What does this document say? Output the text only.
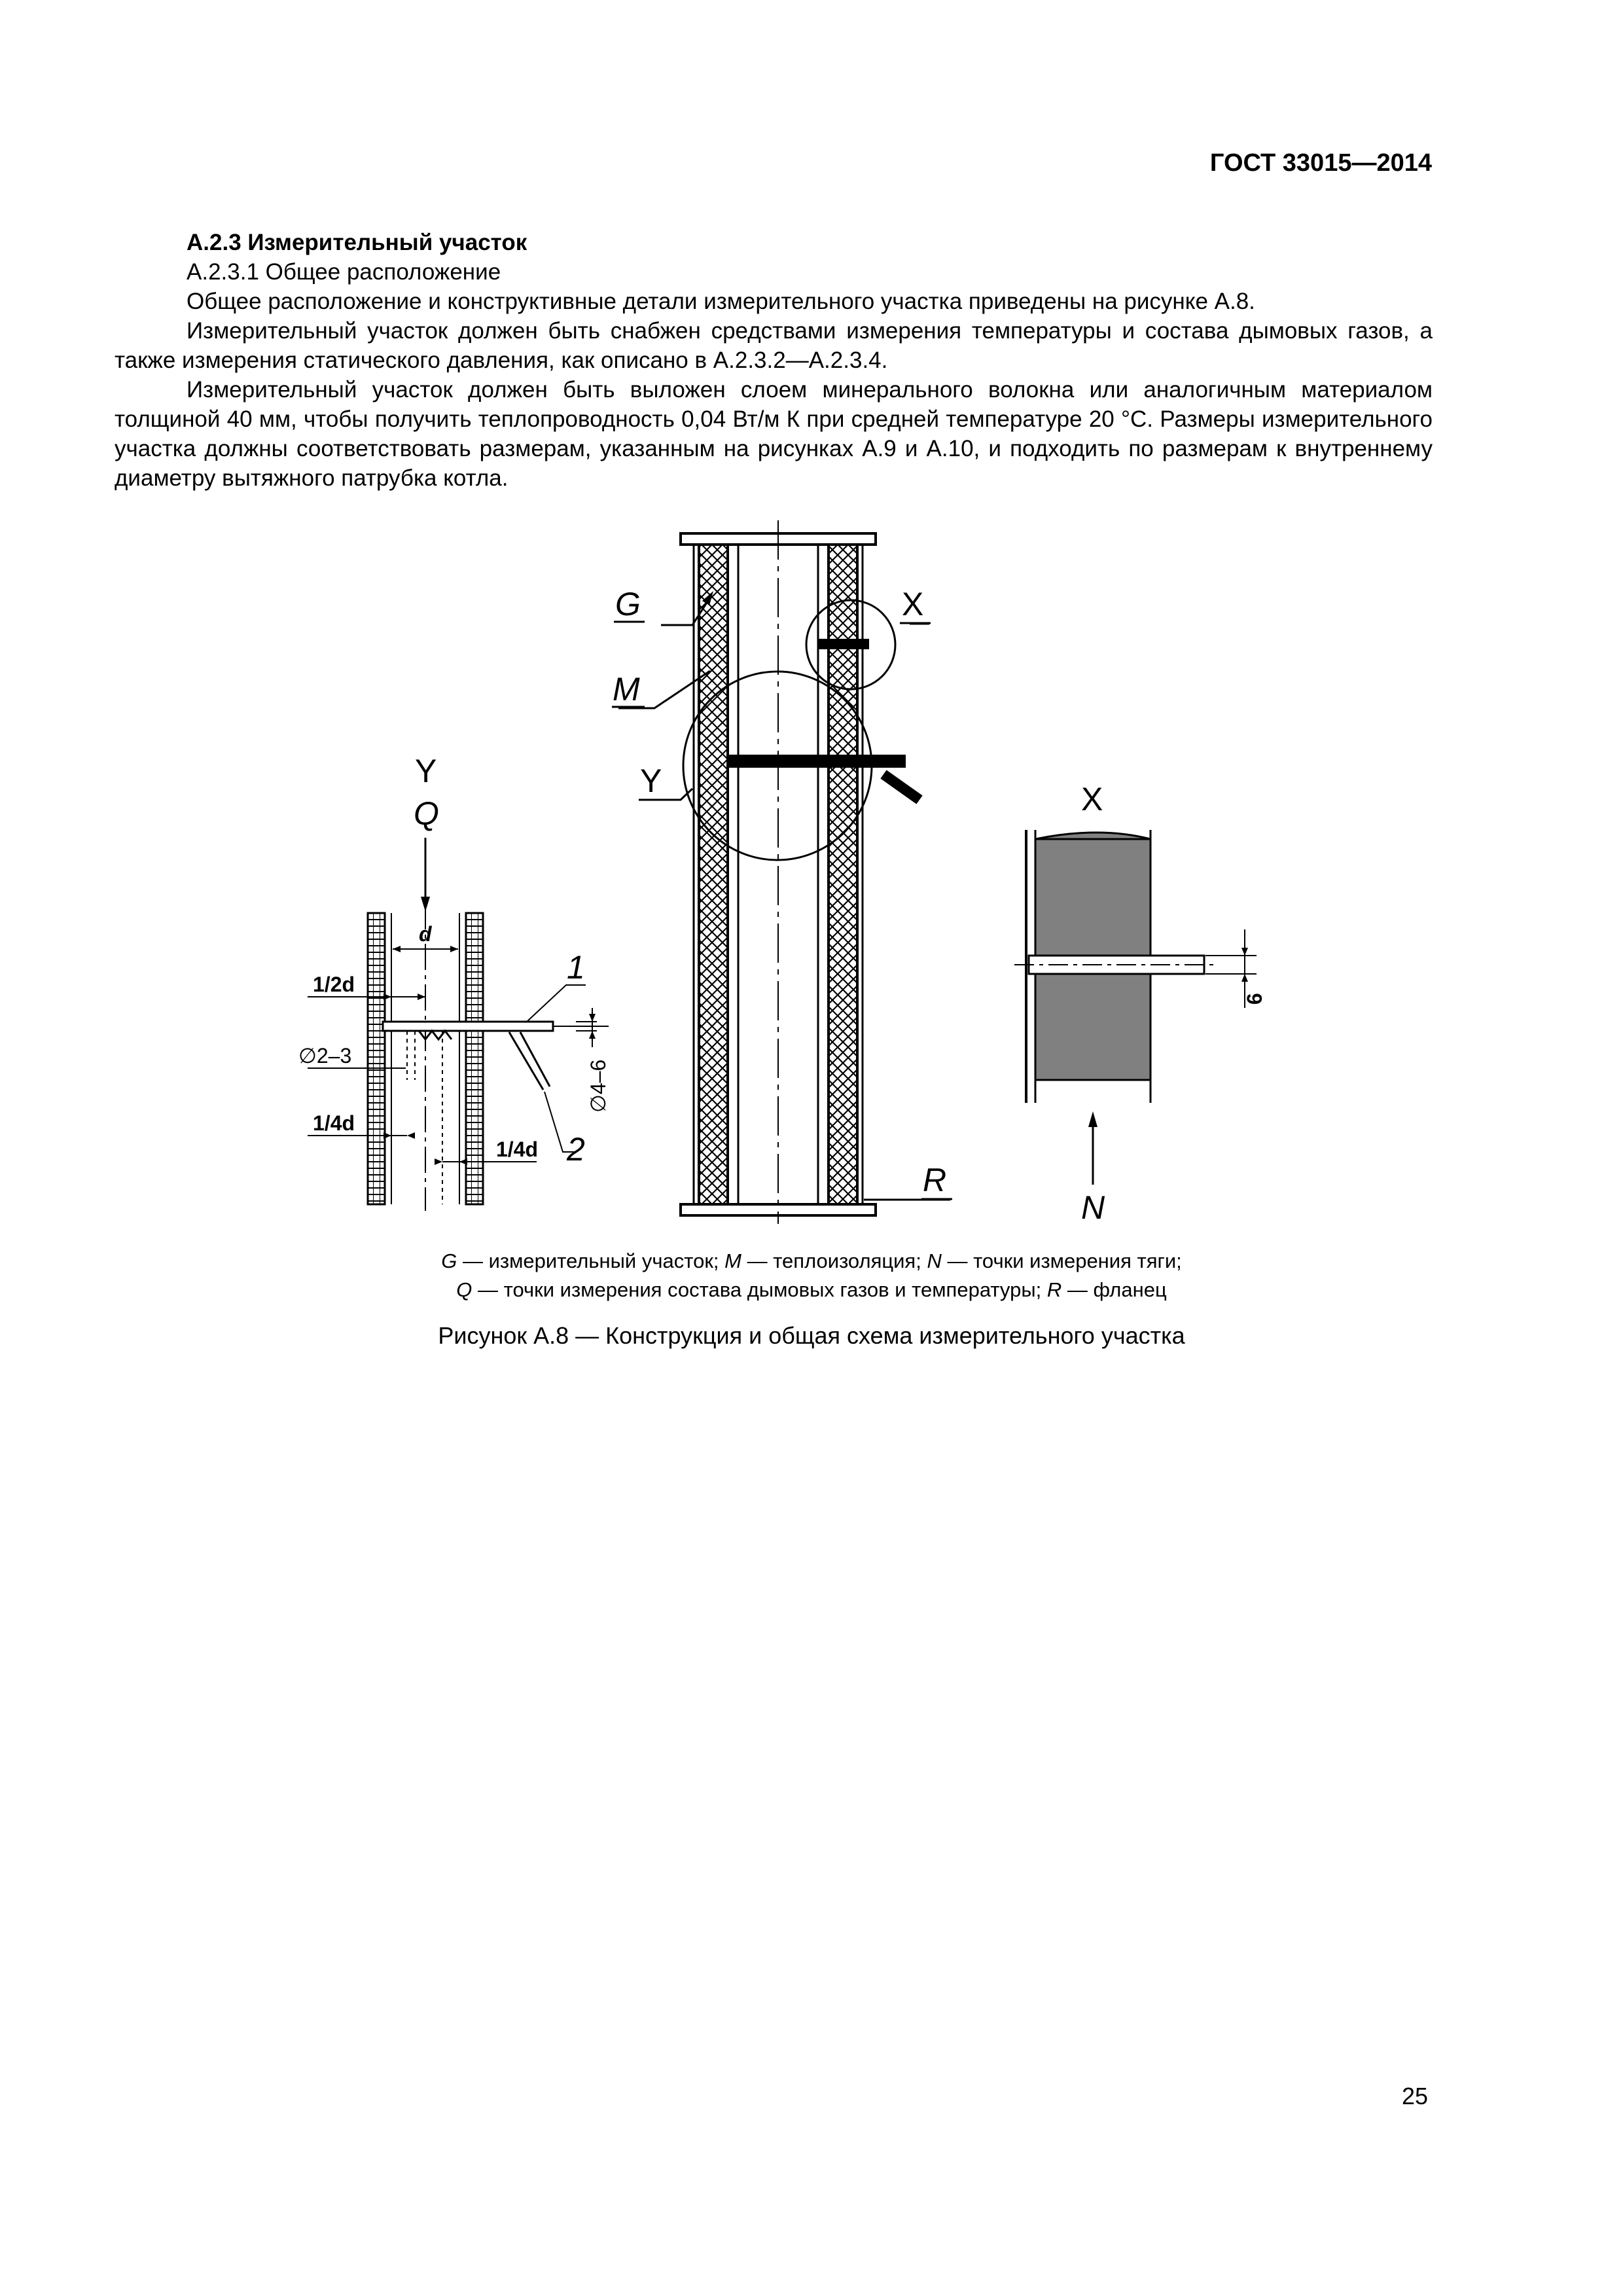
ГОСТ 33015—2014

А.2.3 Измерительный участок

А.2.3.1 Общее расположение

Общее расположение и конструктивные детали измерительного участка приведены на рисунке А.8.

Измерительный участок должен быть снабжен средствами измерения температуры и состава дымовых газов, а также измерения статического давления, как описано в А.2.3.2—А.2.3.4.

Измерительный участок должен быть выложен слоем минерального волокна или аналогичным материалом толщиной 40 мм, чтобы получить теплопроводность 0,04 Вт/м К при средней температуре 20 °С. Размеры измерительного участка должны соответствовать размерам, указанным на рисунках А.9 и А.10, и подходить по размерам к внутреннему диаметру вытяжного патрубка котла.

G
M
X
Y
R
Y
Q
d
1/2d
∅2–3
1/4d
1/4d
1
2
∅4–6
X
6
N
G — измерительный участок; M — теплоизоляция; N — точки измерения тяги;
Q — точки измерения состава дымовых газов и температуры; R — фланец
Рисунок А.8 — Конструкция и общая схема измерительного участка
25
